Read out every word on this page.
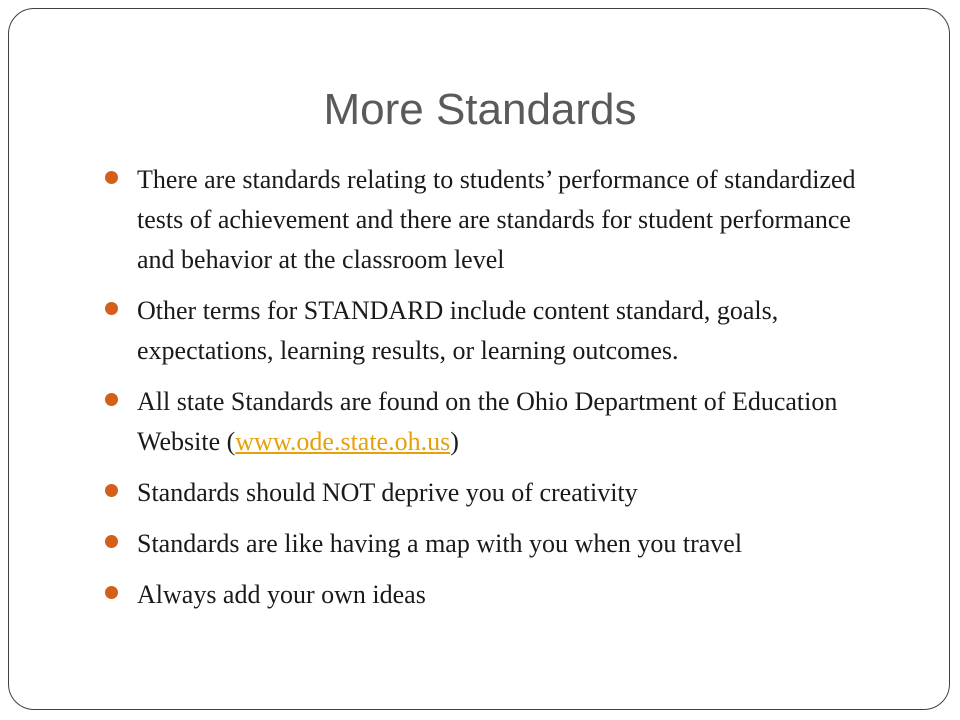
More Standards
There are standards relating to students’ performance of standardized tests of achievement and there are standards for student performance and behavior at the classroom level
Other terms for STANDARD include content standard, goals, expectations, learning results, or learning outcomes.
All state Standards are found on the Ohio Department of Education Website (www.ode.state.oh.us)
Standards should NOT deprive you of creativity
Standards are like having a map with you when you travel
Always add your own ideas
